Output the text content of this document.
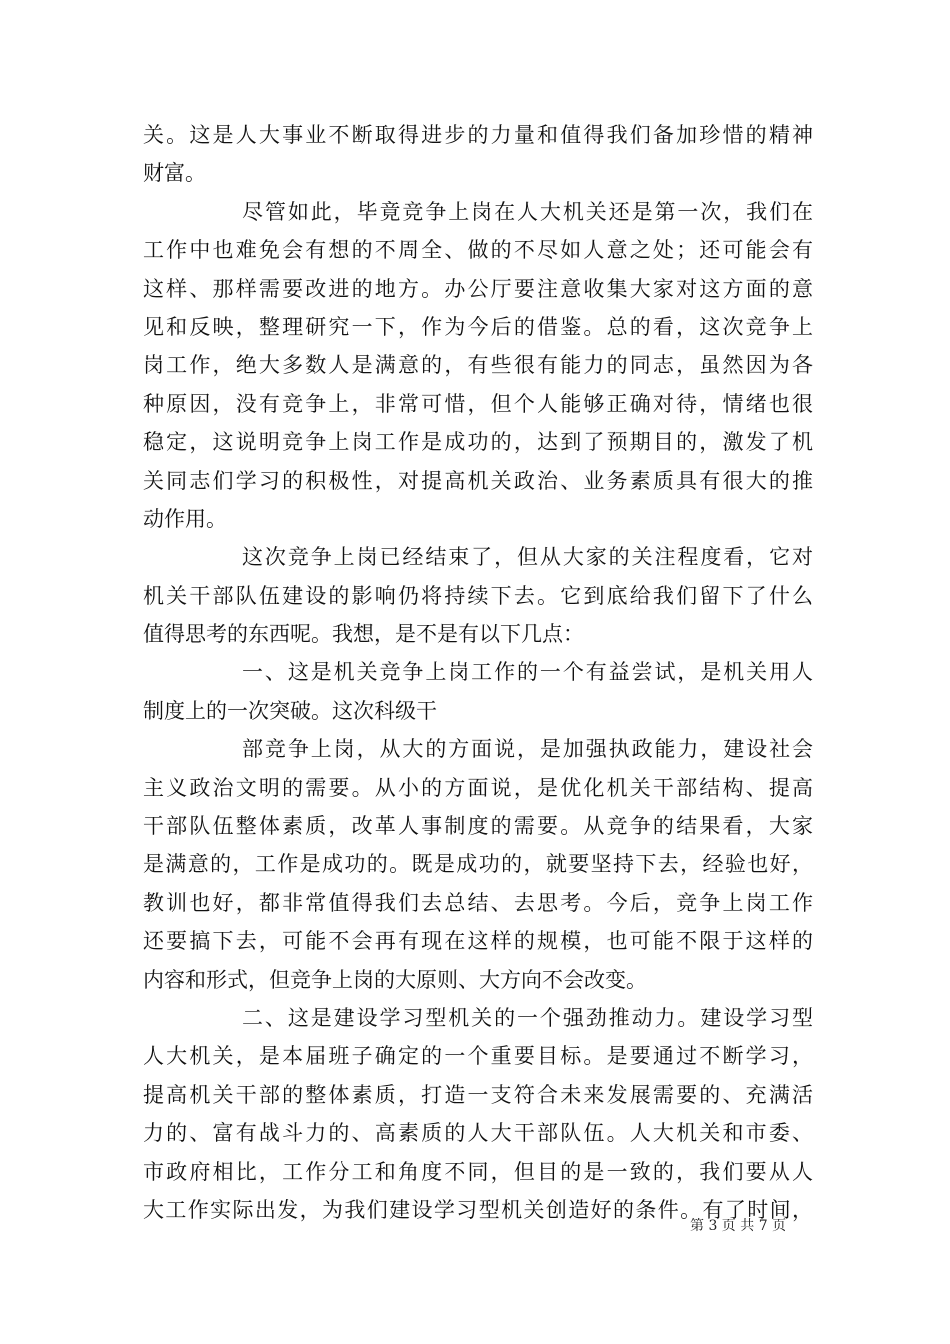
关。这是人大事业不断取得进步的力量和值得我们备加珍惜的精神
财富。
尽管如此，毕竟竞争上岗在人大机关还是第一次，我们在
工作中也难免会有想的不周全、做的不尽如人意之处；还可能会有
这样、那样需要改进的地方。办公厅要注意收集大家对这方面的意
见和反映，整理研究一下，作为今后的借鉴。总的看，这次竞争上
岗工作，绝大多数人是满意的，有些很有能力的同志，虽然因为各
种原因，没有竞争上，非常可惜，但个人能够正确对待，情绪也很
稳定，这说明竞争上岗工作是成功的，达到了预期目的，激发了机
关同志们学习的积极性，对提高机关政治、业务素质具有很大的推
动作用。
这次竞争上岗已经结束了，但从大家的关注程度看，它对
机关干部队伍建设的影响仍将持续下去。它到底给我们留下了什么
值得思考的东西呢。我想，是不是有以下几点：
一、这是机关竞争上岗工作的一个有益尝试，是机关用人
制度上的一次突破。这次科级干
部竞争上岗，从大的方面说，是加强执政能力，建设社会
主义政治文明的需要。从小的方面说，是优化机关干部结构、提高
干部队伍整体素质，改革人事制度的需要。从竞争的结果看，大家
是满意的，工作是成功的。既是成功的，就要坚持下去，经验也好，
教训也好，都非常值得我们去总结、去思考。今后，竞争上岗工作
还要搞下去，可能不会再有现在这样的规模，也可能不限于这样的
内容和形式，但竞争上岗的大原则、大方向不会改变。
二、这是建设学习型机关的一个强劲推动力。建设学习型
人大机关，是本届班子确定的一个重要目标。是要通过不断学习，
提高机关干部的整体素质，打造一支符合未来发展需要的、充满活
力的、富有战斗力的、高素质的人大干部队伍。人大机关和市委、
市政府相比，工作分工和角度不同，但目的是一致的，我们要从人
大工作实际出发，为我们建设学习型机关创造好的条件。有了时间，
第 3 页 共 7 页
